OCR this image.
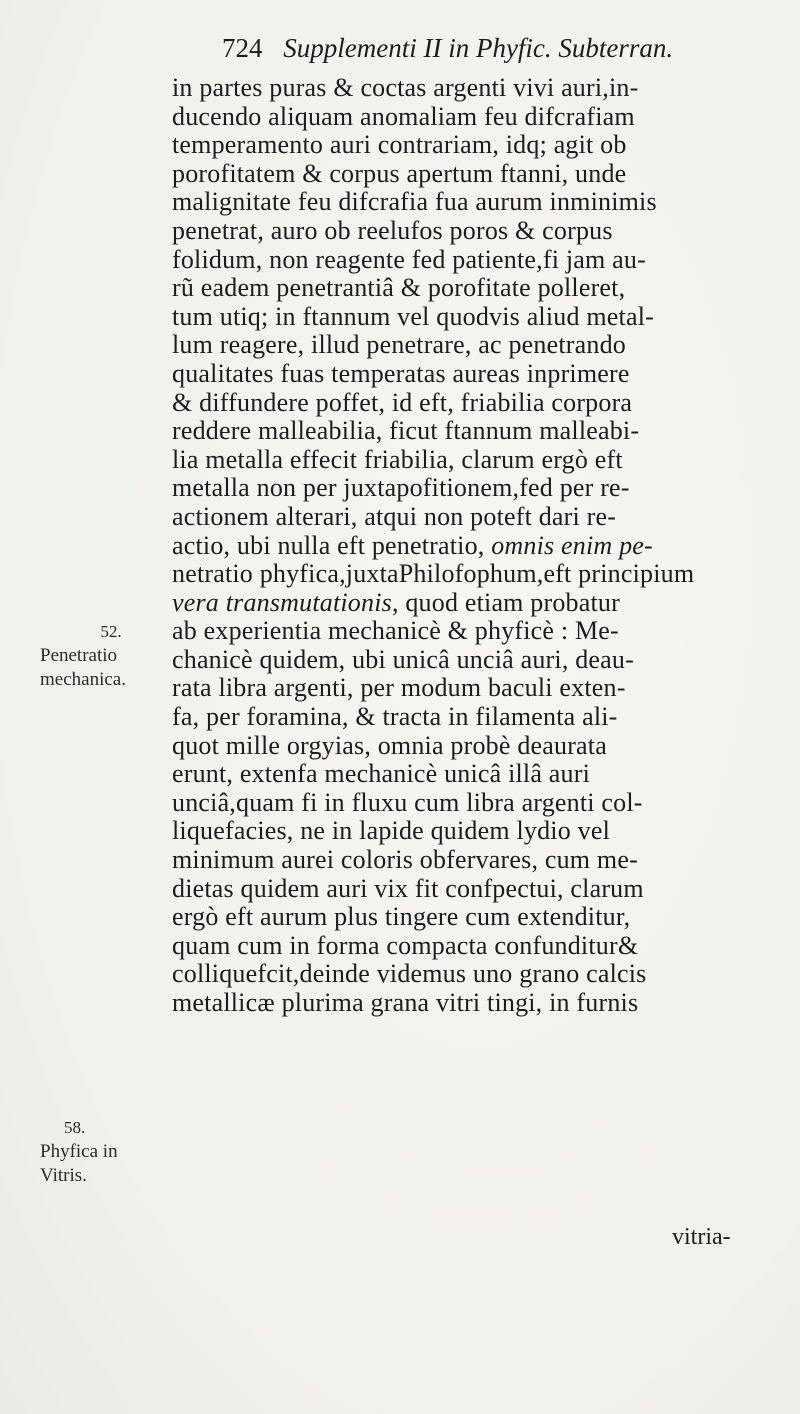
724 Supplementi II in Phyfic. Subterran.
in partes puras & coctas argenti vivi auri,in-
ducendo aliquam anomaliam feu difcrafiam
temperamento auri contrariam, idq; agit ob
porofitatem & corpus apertum ftanni, unde
malignitate feu difcrafia fua aurum inminimis
penetrat, auro ob reelufos poros & corpus
folidum, non reagente fed patiente,fi jam au-
rũ eadem penetrantiâ & porofitate polleret,
tum utiq; in ftannum vel quodvis aliud metal-
lum reagere, illud penetrare, ac penetrando
qualitates fuas temperatas aureas inprimere
& diffundere poffet, id eft, friabilia corpora
reddere malleabilia, ficut ftannum malleabi-
lia metalla effecit friabilia, clarum ergò eft
metalla non per juxtapofitionem,fed per re-
actionem alterari, atqui non poteft dari re-
actio, ubi nulla eft penetratio, omnis enim pe-
netratio phyfica,juxtaPhilofophum,eft principium
vera transmutationis, quod etiam probatur
ab experientia mechanicè & phyficè : Me-
chanicè quidem, ubi unicâ unciâ auri, deau-
rata libra argenti, per modum baculi exten-
fa, per foramina, & tracta in filamenta ali-
quot mille orgyias, omnia probè deaurata
erunt, extenfa mechanicè unicâ illâ auri
unciâ,quam fi in fluxu cum libra argenti col-
liquefacies, ne in lapide quidem lydio vel
minimum aurei coloris obfervares, cum me-
dietas quidem auri vix fit confpectui, clarum
ergò eft aurum plus tingere cum extenditur,
quam cum in forma compacta confunditur&
colliquefcit,deinde videmus uno grano calcis
metallicæ plurima grana vitri tingi, in furnis
vitria-
52.
Penetratio mechanica.
58.
Phyfica in Vitris.
